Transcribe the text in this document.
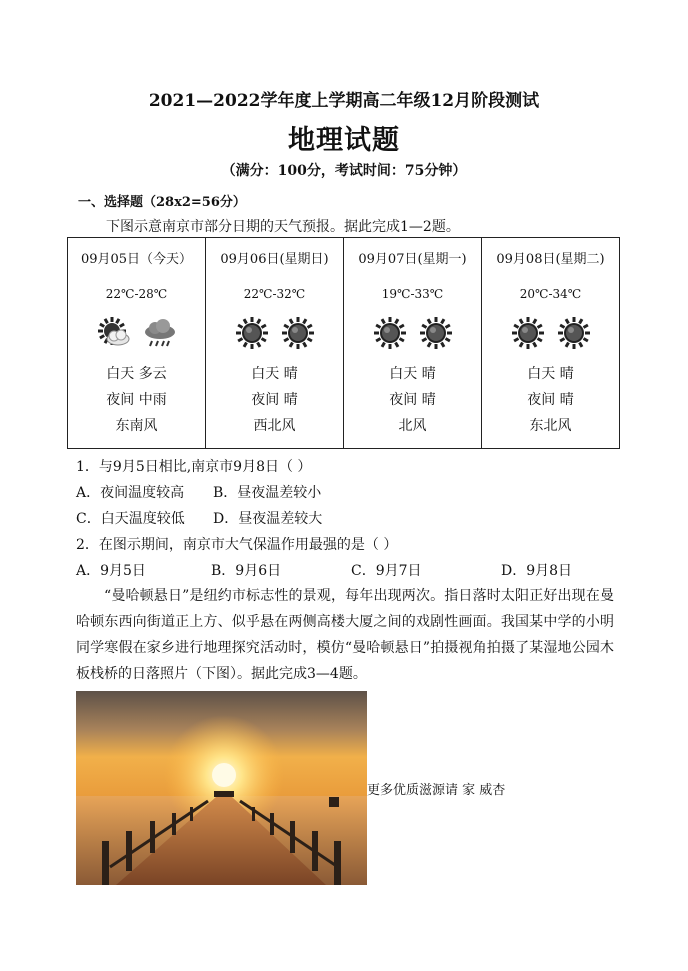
2021—2022学年度上学期高二年级12月阶段测试
地理试题
（满分：100分，考试时间：75分钟）
一、选择题（28x2=56分）
下图示意南京市部分日期的天气预报。据此完成1—2题。
09月05日（今天）
22℃-28℃
白天 多云
夜间 中雨
东南风

09月06日(星期日)
22℃-32℃
白天 晴
夜间 晴
西北风

09月07日(星期一)
19℃-33℃
白天 晴
夜间 晴
北风

09月08日(星期二)
20℃-34℃
白天 晴
夜间 晴
东北风
1．与9月5日相比,南京市9月8日（ ）
A．夜间温度较高	B．昼夜温差较小
C．白天温度较低	D．昼夜温差较大
2．在图示期间，南京市大气保温作用最强的是（ ）
A．9月5日	B．9月6日	C．9月7日	D．9月8日
“曼哈顿悬日”是纽约市标志性的景观，每年出现两次。指日落时太阳正好出现在曼哈顿东西向街道正上方、似乎悬在两侧高楼大厦之间的戏剧性画面。我国某中学的小明同学寒假在家乡进行地理探究活动时，模仿“曼哈顿悬日”拍摄视角拍摄了某湿地公园木板栈桥的日落照片（下图）。据此完成3—4题。
更多优质滋源请 家 威杏
